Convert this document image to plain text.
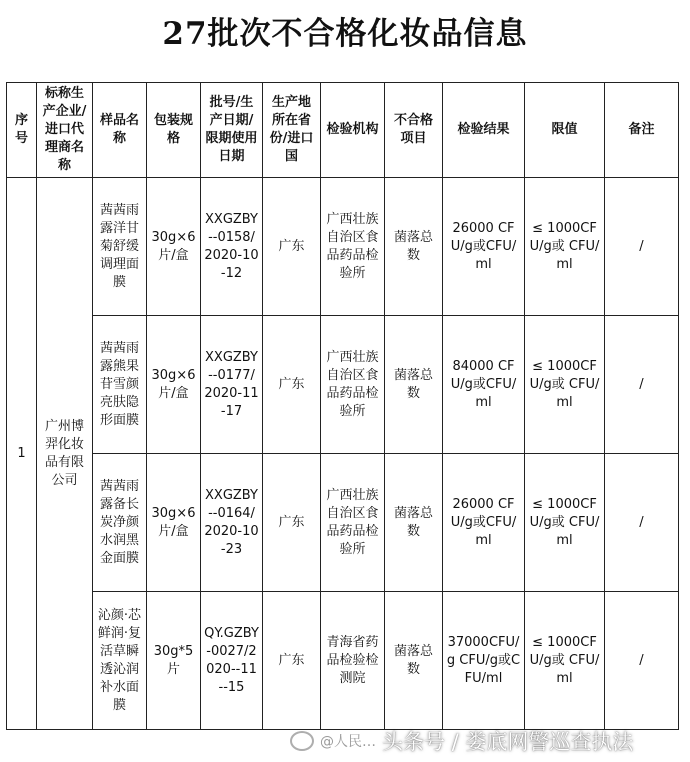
27批次不合格化妆品信息
序号	标称生产企业/进口代理商名称	样品名称	包装规格	批号/生产日期/限期使用日期	生产地所在省份/进口国	检验机构	不合格项目	检验结果	限值	备注
1	广州博羿化妆品有限公司	茜茜雨露洋甘菊舒缓调理面膜	30g×6片/盒	XXGZBY--0158/2020-10-12	广东	广西壮族自治区食品药品检验所	菌落总数	26000 CFU/g或CFU/ml	≤ 1000CFU/g或 CFU/ml	/
		茜茜雨露熊果苷雪颜亮肤隐形面膜	30g×6片/盒	XXGZBY--0177/2020-11-17	广东	广西壮族自治区食品药品检验所	菌落总数	84000 CFU/g或CFU/ml	≤ 1000CFU/g或 CFU/ml	/
		茜茜雨露备长炭净颜水润黑金面膜	30g×6片/盒	XXGZBY--0164/2020-10-23	广东	广西壮族自治区食品药品检验所	菌落总数	26000 CFU/g或CFU/ml	≤ 1000CFU/g或 CFU/ml	/
		沁颜·芯鲜润·复活草瞬透沁润补水面膜	30g*5片	QY.GZBY-0027/2020--11--15	广东	青海省药品检验检测院	菌落总数	37000CFU/g CFU/g或CFU/ml	≤ 1000CFU/g或 CFU/ml	/
@人民… 头条号 / 娄底网警巡查执法
